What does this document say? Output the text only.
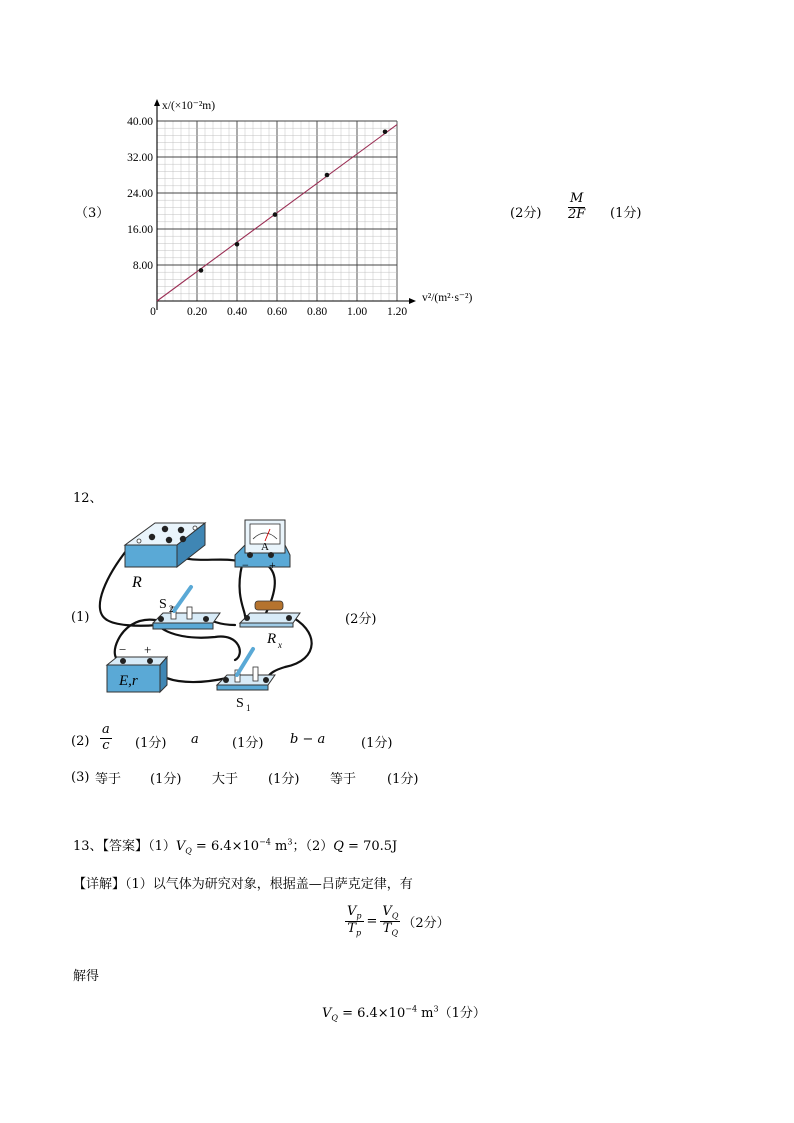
（3）
0.20 0.40 0.60 0.80 1.00 1.20
8.00
16.00
24.00
32.00
40.00
0
x/(×10⁻²m)
v²/(m²·s⁻²)
(2分) $\frac{M}{2F} (1$分)
12、
(1)
R
A
− +
S 2
R x
E,r
− +
S 1
(2分)
$(2) \frac{a}{c} (1$分) a	(1分) b − a	(1分)
(3) 等于 (1分) 大于 (1分) 等于 (1分)
13、【答案】$(1)V_Q = 6.4\times 10^{-4}$ $m^3$；（2）Q = 70.5J
【详解】（1）以气体为研究对象，根据盖—吕萨克定律，有
$\frac{V_p}{T_p} = \frac{V_Q}{T_Q} (2$分）
解得
$V_Q = 6.4\times 10^{-4}$ $m^3(1$分）
